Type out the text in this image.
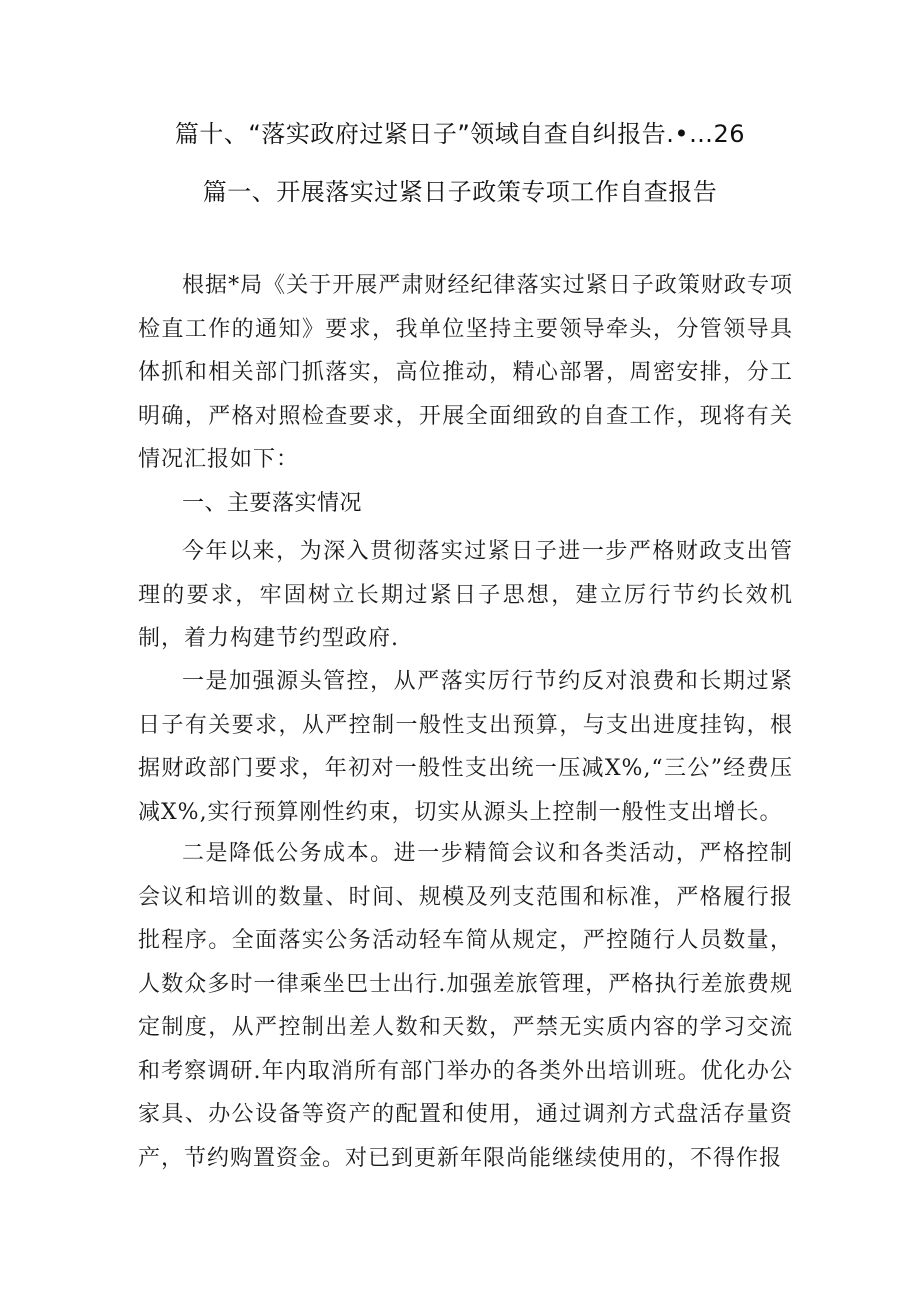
篇十、“落实政府过紧日子”领域自查自纠报告.•…26
篇一、开展落实过紧日子政策专项工作自查报告

根据*局《关于开展严肃财经纪律落实过紧日子政策财政专项检直工作的通知》要求，我单位坚持主要领导牵头，分管领导具体抓和相关部门抓落实，高位推动，精心部署，周密安排，分工明确，严格对照检查要求，开展全面细致的自查工作，现将有关情况汇报如下：

一、主要落实情况

今年以来，为深入贯彻落实过紧日子进一步严格财政支出管理的要求，牢固树立长期过紧日子思想，建立厉行节约长效机制，着力构建节约型政府.

一是加强源头管控，从严落实厉行节约反对浪费和长期过紧日子有关要求，从严控制一般性支出预算，与支出进度挂钩，根据财政部门要求，年初对一般性支出统一压减X%,“三公”经费压减X%,实行预算刚性约束，切实从源头上控制一般性支出增长。

二是降低公务成本。进一步精简会议和各类活动，严格控制会议和培训的数量、时间、规模及列支范围和标准，严格履行报批程序。全面落实公务活动轻车简从规定，严控随行人员数量，人数众多时一律乘坐巴士出行.加强差旅管理，严格执行差旅费规定制度，从严控制出差人数和天数，严禁无实质内容的学习交流和考察调研.年内取消所有部门举办的各类外出培训班。优化办公家具、办公设备等资产的配置和使用，通过调剂方式盘活存量资产，节约购置资金。对已到更新年限尚能继续使用的，不得作报
